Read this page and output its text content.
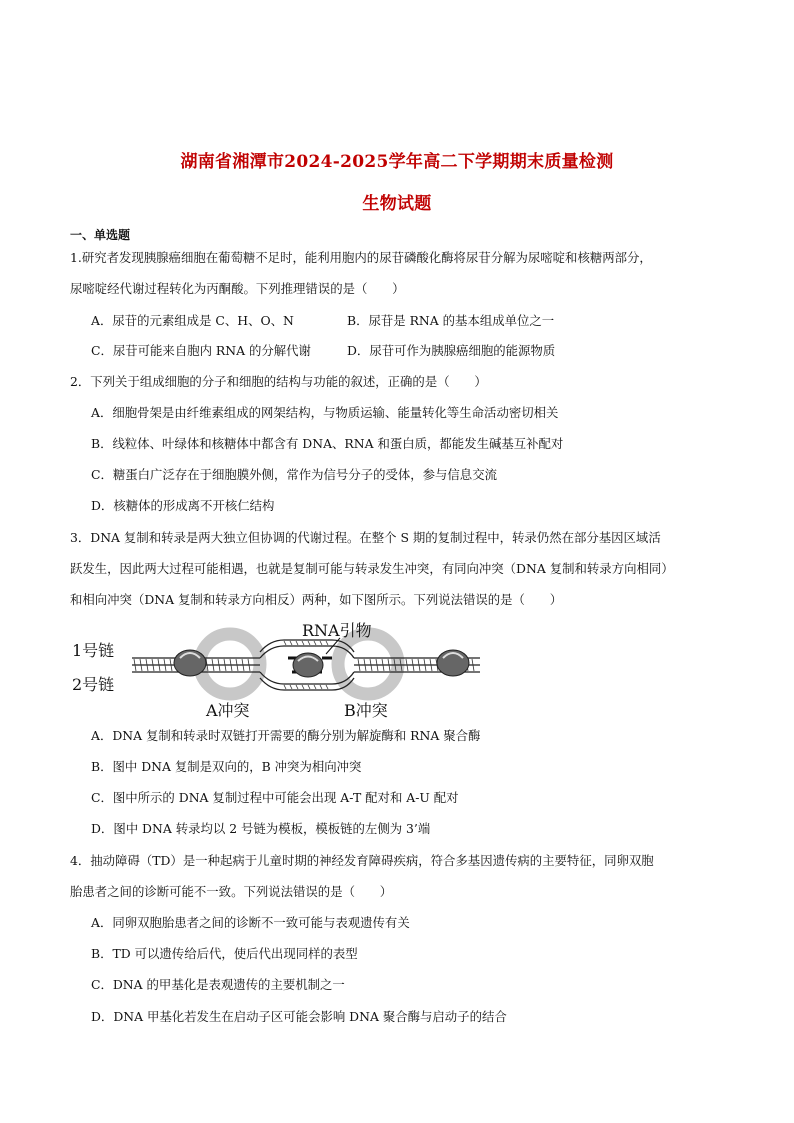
湖南省湘潭市2024-2025学年高二下学期期末质量检测
生物试题
一、单选题
1.研究者发现胰腺癌细胞在葡萄糖不足时，能利用胞内的尿苷磷酸化酶将尿苷分解为尿嘧啶和核糖两部分，
尿嘧啶经代谢过程转化为丙酮酸。下列推理错误的是（　　）
A．尿苷的元素组成是 C、H、O、N	B．尿苷是 RNA 的基本组成单位之一
C．尿苷可能来自胞内 RNA 的分解代谢	D．尿苷可作为胰腺癌细胞的能源物质
2．下列关于组成细胞的分子和细胞的结构与功能的叙述，正确的是（　　）
A．细胞骨架是由纤维素组成的网架结构，与物质运输、能量转化等生命活动密切相关
B．线粒体、叶绿体和核糖体中都含有 DNA、RNA 和蛋白质，都能发生碱基互补配对
C．糖蛋白广泛存在于细胞膜外侧，常作为信号分子的受体，参与信息交流
D．核糖体的形成离不开核仁结构
3．DNA 复制和转录是两大独立但协调的代谢过程。在整个 S 期的复制过程中，转录仍然在部分基因区域活
跃发生，因此两大过程可能相遇，也就是复制可能与转录发生冲突，有同向冲突（DNA 复制和转录方向相同）
和相向冲突（DNA 复制和转录方向相反）两种，如下图所示。下列说法错误的是（　　）
1号链
2号链
RNA引物
A冲突	B冲突
A．DNA 复制和转录时双链打开需要的酶分别为解旋酶和 RNA 聚合酶
B．图中 DNA 复制是双向的，B 冲突为相向冲突
C．图中所示的 DNA 复制过程中可能会出现 A-T 配对和 A-U 配对
D．图中 DNA 转录均以 2 号链为模板，模板链的左侧为 3’端
4．抽动障碍（TD）是一种起病于儿童时期的神经发育障碍疾病，符合多基因遗传病的主要特征，同卵双胞
胎患者之间的诊断可能不一致。下列说法错误的是（　　）
A．同卵双胞胎患者之间的诊断不一致可能与表观遗传有关
B．TD 可以遗传给后代，使后代出现同样的表型
C．DNA 的甲基化是表观遗传的主要机制之一
D．DNA 甲基化若发生在启动子区可能会影响 DNA 聚合酶与启动子的结合
